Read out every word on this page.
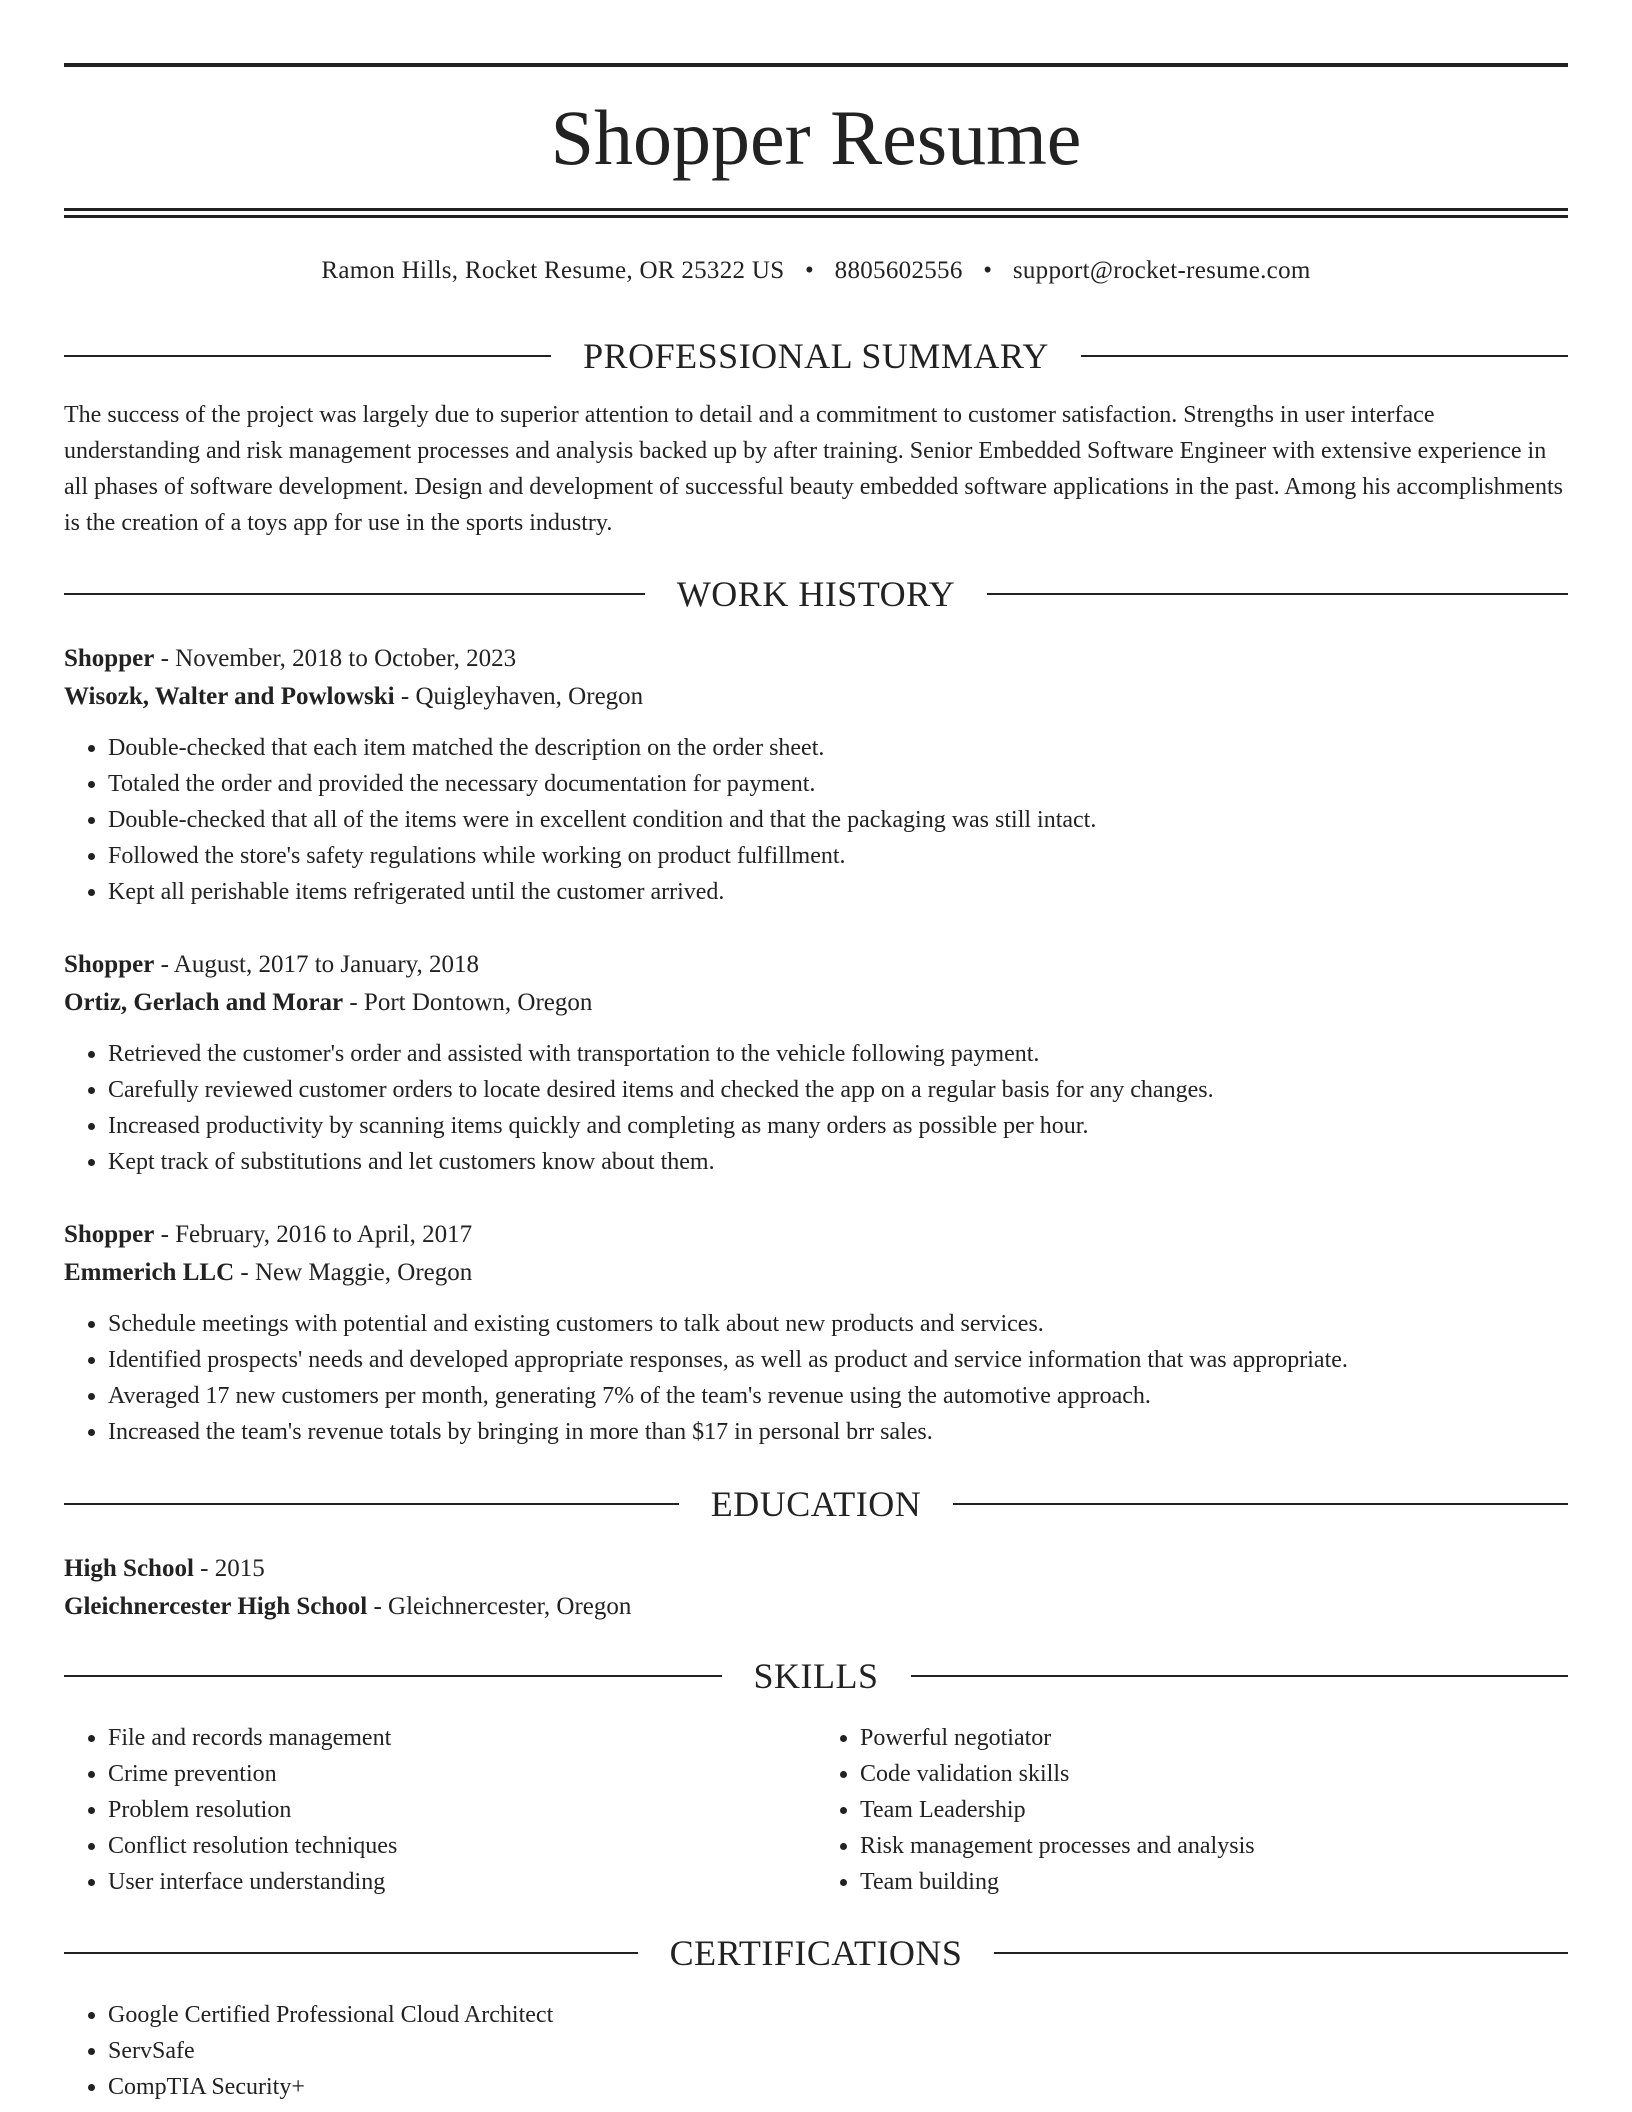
Shopper Resume
Ramon Hills, Rocket Resume, OR 25322 US • 8805602556 • support@rocket-resume.com
PROFESSIONAL SUMMARY

The success of the project was largely due to superior attention to detail and a commitment to customer satisfaction. Strengths in user interface understanding and risk management processes and analysis backed up by after training. Senior Embedded Software Engineer with extensive experience in all phases of software development. Design and development of successful beauty embedded software applications in the past. Among his accomplishments is the creation of a toys app for use in the sports industry.

WORK HISTORY

Shopper - November, 2018 to October, 2023

Wisozk, Walter and Powlowski - Quigleyhaven, Oregon

• Double-checked that each item matched the description on the order sheet.
• Totaled the order and provided the necessary documentation for payment.
• Double-checked that all of the items were in excellent condition and that the packaging was still intact.
• Followed the store's safety regulations while working on product fulfillment.
• Kept all perishable items refrigerated until the customer arrived.

Shopper - August, 2017 to January, 2018

Ortiz, Gerlach and Morar - Port Dontown, Oregon

• Retrieved the customer's order and assisted with transportation to the vehicle following payment.
• Carefully reviewed customer orders to locate desired items and checked the app on a regular basis for any changes.
• Increased productivity by scanning items quickly and completing as many orders as possible per hour.
• Kept track of substitutions and let customers know about them.

Shopper - February, 2016 to April, 2017

Emmerich LLC - New Maggie, Oregon

• Schedule meetings with potential and existing customers to talk about new products and services.
• Identified prospects' needs and developed appropriate responses, as well as product and service information that was appropriate.
• Averaged 17 new customers per month, generating 7% of the team's revenue using the automotive approach.
• Increased the team's revenue totals by bringing in more than $17 in personal brr sales.
EDUCATION

High School - 2015

Gleichnercester High School - Gleichnercester, Oregon

SKILLS
• File and records management
• Crime prevention
• Problem resolution
• Conflict resolution techniques
• User interface understanding
• Powerful negotiator
• Code validation skills
• Team Leadership
• Risk management processes and analysis
• Team building
CERTIFICATIONS
• Google Certified Professional Cloud Architect
• ServSafe
• CompTIA Security+
